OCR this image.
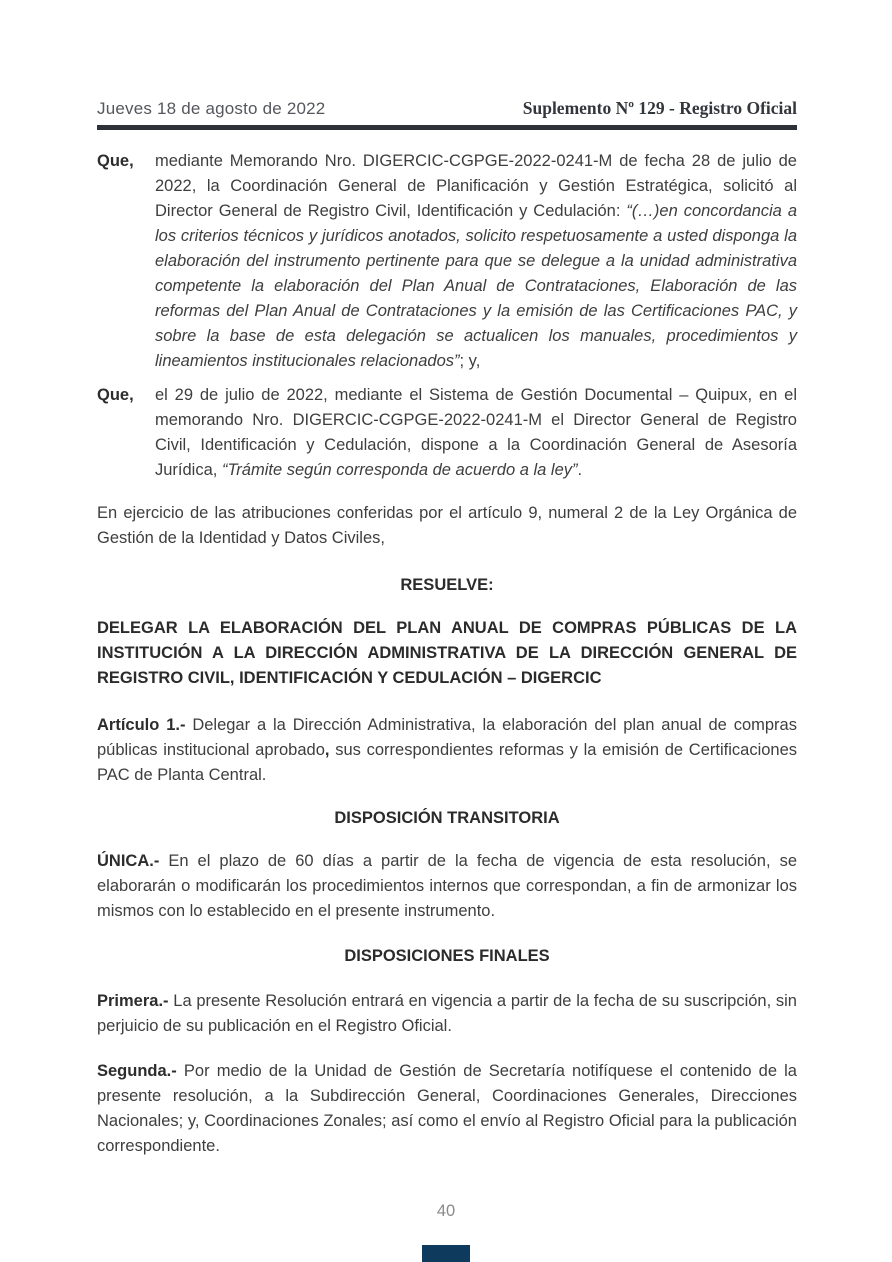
Jueves 18 de agosto de 2022	Suplemento Nº 129 - Registro Oficial

Que, mediante Memorando Nro. DIGERCIC-CGPGE-2022-0241-M de fecha 28 de julio de 2022, la Coordinación General de Planificación y Gestión Estratégica, solicitó al Director General de Registro Civil, Identificación y Cedulación: “(…)en concordancia a los criterios técnicos y jurídicos anotados, solicito respetuosamente a usted disponga la elaboración del instrumento pertinente para que se delegue a la unidad administrativa competente la elaboración del Plan Anual de Contrataciones, Elaboración de las reformas del Plan Anual de Contrataciones y la emisión de las Certificaciones PAC, y sobre la base de esta delegación se actualicen los manuales, procedimientos y lineamientos institucionales relacionados”; y,

Que, el 29 de julio de 2022, mediante el Sistema de Gestión Documental – Quipux, en el memorando Nro. DIGERCIC-CGPGE-2022-0241-M el Director General de Registro Civil, Identificación y Cedulación, dispone a la Coordinación General de Asesoría Jurídica, “Trámite según corresponda de acuerdo a la ley”.

En ejercicio de las atribuciones conferidas por el artículo 9, numeral 2 de la Ley Orgánica de Gestión de la Identidad y Datos Civiles,

RESUELVE:

DELEGAR LA ELABORACIÓN DEL PLAN ANUAL DE COMPRAS PÚBLICAS DE LA INSTITUCIÓN A LA DIRECCIÓN ADMINISTRATIVA DE LA DIRECCIÓN GENERAL DE REGISTRO CIVIL, IDENTIFICACIÓN Y CEDULACIÓN – DIGERCIC

Artículo 1.- Delegar a la Dirección Administrativa, la elaboración del plan anual de compras públicas institucional aprobado, sus correspondientes reformas y la emisión de Certificaciones PAC de Planta Central.

DISPOSICIÓN TRANSITORIA

ÚNICA.- En el plazo de 60 días a partir de la fecha de vigencia de esta resolución, se elaborarán o modificarán los procedimientos internos que correspondan, a fin de armonizar los mismos con lo establecido en el presente instrumento.

DISPOSICIONES FINALES

Primera.- La presente Resolución entrará en vigencia a partir de la fecha de su suscripción, sin perjuicio de su publicación en el Registro Oficial.

Segunda.- Por medio de la Unidad de Gestión de Secretaría notifíquese el contenido de la presente resolución, a la Subdirección General, Coordinaciones Generales, Direcciones Nacionales; y, Coordinaciones Zonales; así como el envío al Registro Oficial para la publicación correspondiente.

40
